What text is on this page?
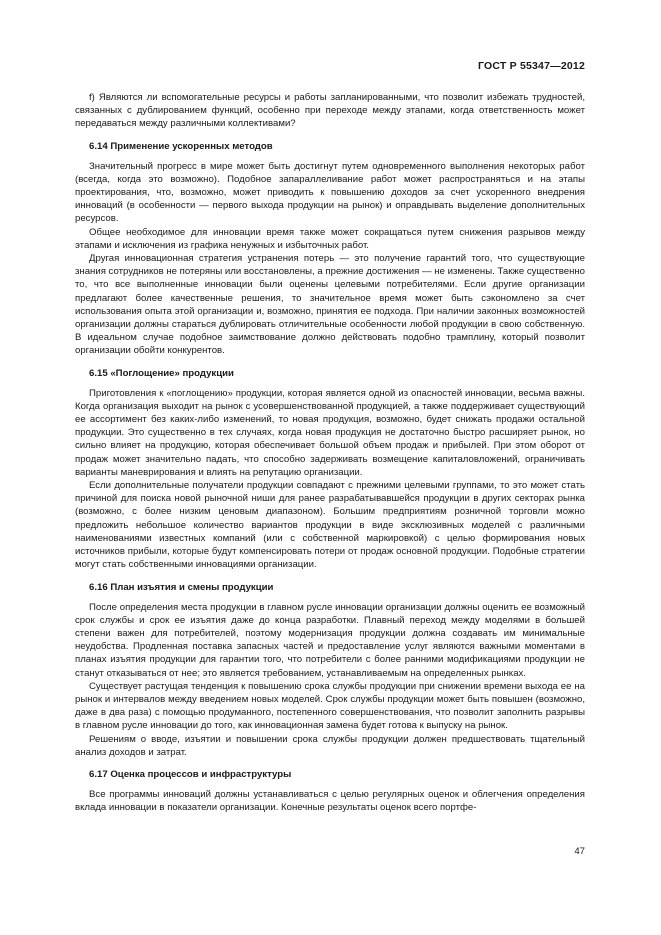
ГОСТ Р 55347—2012

f) Являются ли вспомогательные ресурсы и работы запланированными, что позволит избежать трудностей, связанных с дублированием функций, особенно при переходе между этапами, когда ответственность может передаваться между различными коллективами?

6.14 Применение ускоренных методов

Значительный прогресс в мире может быть достигнут путем одновременного выполнения некоторых работ (всегда, когда это возможно). Подобное запараллеливание работ может распространяться и на этапы проектирования, что, возможно, может приводить к повышению доходов за счет ускоренного внедрения инноваций (в особенности — первого выхода продукции на рынок) и оправдывать выделение дополнительных ресурсов.

Общее необходимое для инновации время также может сокращаться путем снижения разрывов между этапами и исключения из графика ненужных и избыточных работ.

Другая инновационная стратегия устранения потерь — это получение гарантий того, что существующие знания сотрудников не потеряны или восстановлены, а прежние достижения — не изменены. Также существенно то, что все выполненные инновации были оценены целевыми потребителями. Если другие организации предлагают более качественные решения, то значительное время может быть сэкономлено за счет использования опыта этой организации и, возможно, принятия ее подхода. При наличии законных возможностей организации должны стараться дублировать отличительные особенности любой продукции в свою собственную. В идеальном случае подобное заимствование должно действовать подобно трамплину, который позволит организации обойти конкурентов.

6.15 «Поглощение» продукции

Приготовления к «поглощению» продукции, которая является одной из опасностей инновации, весьма важны. Когда организация выходит на рынок с усовершенствованной продукцией, а также поддерживает существующий ее ассортимент без каких-либо изменений, то новая продукция, возможно, будет снижать продажи остальной продукции. Это существенно в тех случаях, когда новая продукция не достаточно быстро расширяет рынок, но сильно влияет на продукцию, которая обеспечивает большой объем продаж и прибылей. При этом оборот от продаж может значительно падать, что способно задерживать возмещение капиталовложений, ограничивать варианты маневрирования и влиять на репутацию организации.

Если дополнительные получатели продукции совпадают с прежними целевыми группами, то это может стать причиной для поиска новой рыночной ниши для ранее разрабатывавшейся продукции в других секторах рынка (возможно, с более низким ценовым диапазоном). Большим предприятиям розничной торговли можно предложить небольшое количество вариантов продукции в виде эксклюзивных моделей с различными наименованиями известных компаний (или с собственной маркировкой) с целью формирования новых источников прибыли, которые будут компенсировать потери от продаж основной продукции. Подобные стратегии могут стать собственными инновациями организации.

6.16 План изъятия и смены продукции

После определения места продукции в главном русле инновации организации должны оценить ее возможный срок службы и срок ее изъятия даже до конца разработки. Плавный переход между моделями в большей степени важен для потребителей, поэтому модернизация продукции должна создавать им минимальные неудобства. Продленная поставка запасных частей и предоставление услуг являются важными моментами в планах изъятия продукции для гарантии того, что потребители с более ранними модификациями продукции не станут отказываться от нее; это является требованием, устанавливаемым на определенных рынках.

Существует растущая тенденция к повышению срока службы продукции при снижении времени выхода ее на рынок и интервалов между введением новых моделей. Срок службы продукции может быть повышен (возможно, даже в два раза) с помощью продуманного, постепенного совершенствования, что позволит заполнить разрывы в главном русле инновации до того, как инновационная замена будет готова к выпуску на рынок.

Решениям о вводе, изъятии и повышении срока службы продукции должен предшествовать тщательный анализ доходов и затрат.

6.17 Оценка процессов и инфраструктуры

Все программы инноваций должны устанавливаться с целью регулярных оценок и облегчения определения вклада инновации в показатели организации. Конечные результаты оценок всего портфе-

47
